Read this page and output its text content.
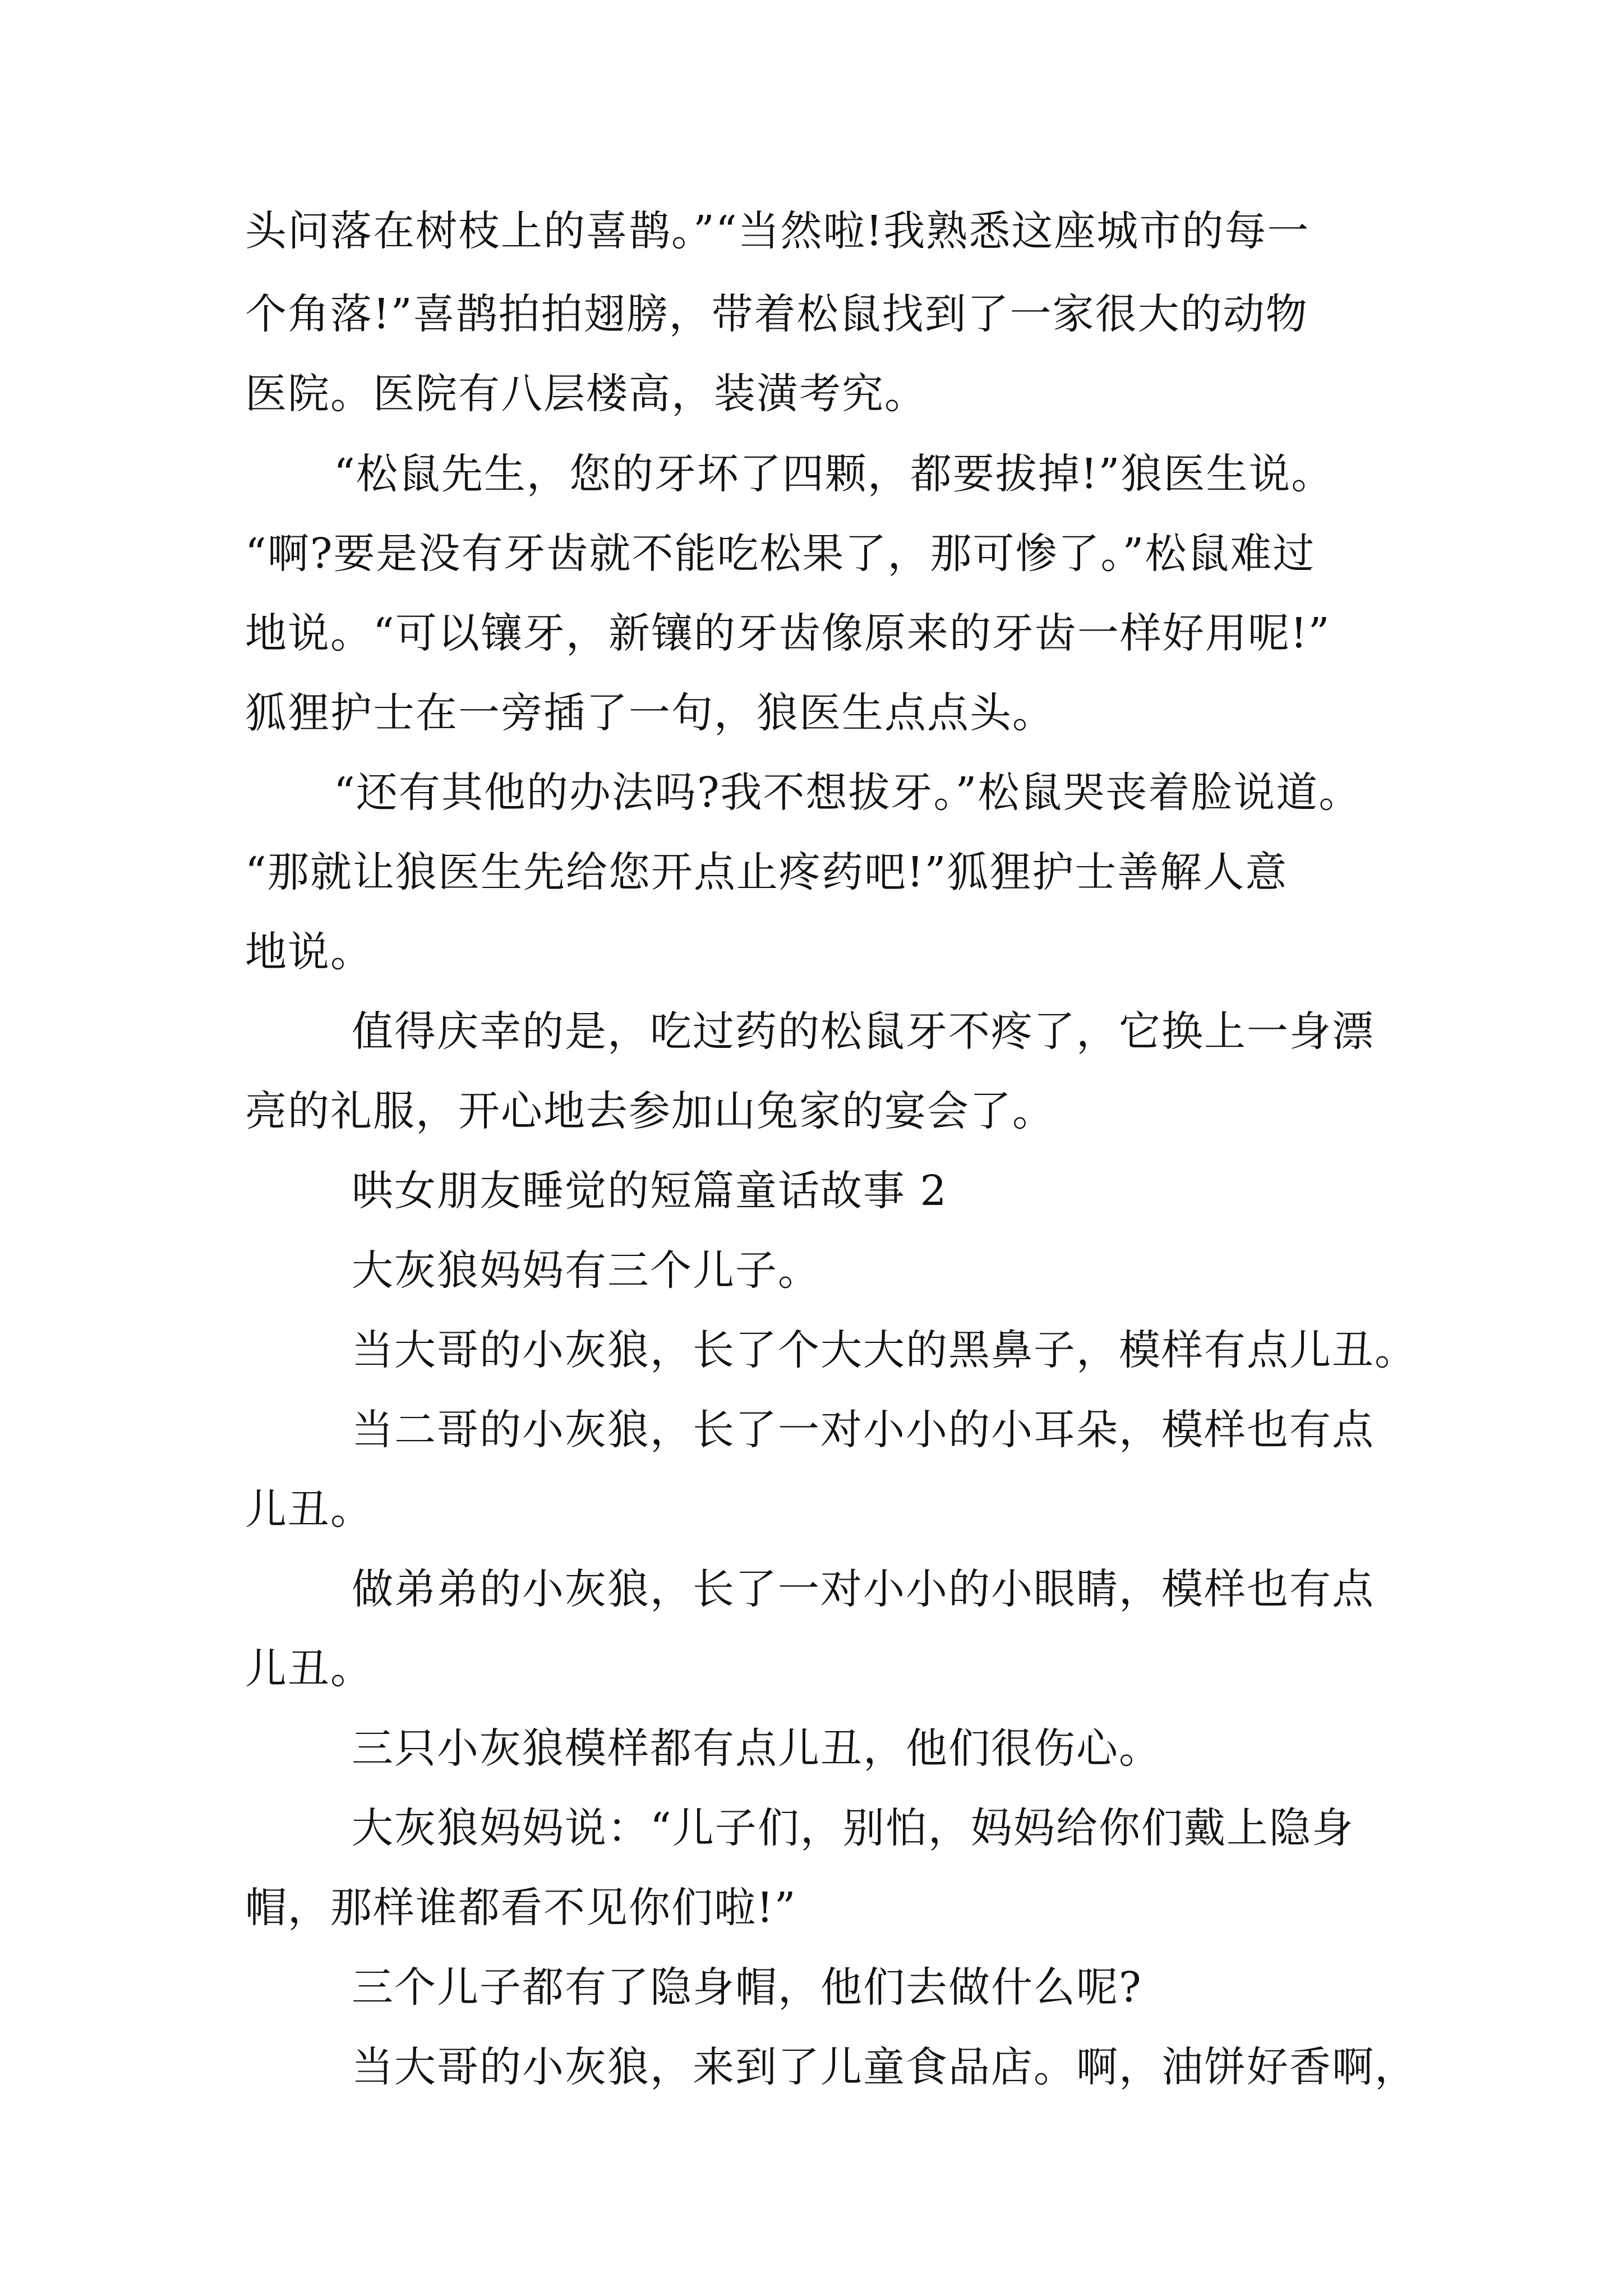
头问落在树枝上的喜鹊。”“当然啦!我熟悉这座城市的每一
个角落!”喜鹊拍拍翅膀，带着松鼠找到了一家很大的动物
医院。医院有八层楼高，装潢考究。
“松鼠先生，您的牙坏了四颗，都要拔掉!”狼医生说。
“啊?要是没有牙齿就不能吃松果了，那可惨了。”松鼠难过
地说。“可以镶牙，新镶的牙齿像原来的牙齿一样好用呢!”
狐狸护士在一旁插了一句，狼医生点点头。
“还有其他的办法吗?我不想拔牙。”松鼠哭丧着脸说道。
“那就让狼医生先给您开点止疼药吧!”狐狸护士善解人意
地说。
值得庆幸的是，吃过药的松鼠牙不疼了，它换上一身漂
亮的礼服，开心地去参加山兔家的宴会了。
哄女朋友睡觉的短篇童话故事 2
大灰狼妈妈有三个儿子。
当大哥的小灰狼，长了个大大的黑鼻子，模样有点儿丑。
当二哥的小灰狼，长了一对小小的小耳朵，模样也有点
儿丑。
做弟弟的小灰狼，长了一对小小的小眼睛，模样也有点
儿丑。
三只小灰狼模样都有点儿丑，他们很伤心。
大灰狼妈妈说：“儿子们，别怕，妈妈给你们戴上隐身
帽，那样谁都看不见你们啦!”
三个儿子都有了隐身帽，他们去做什么呢?
当大哥的小灰狼，来到了儿童食品店。啊，油饼好香啊，
